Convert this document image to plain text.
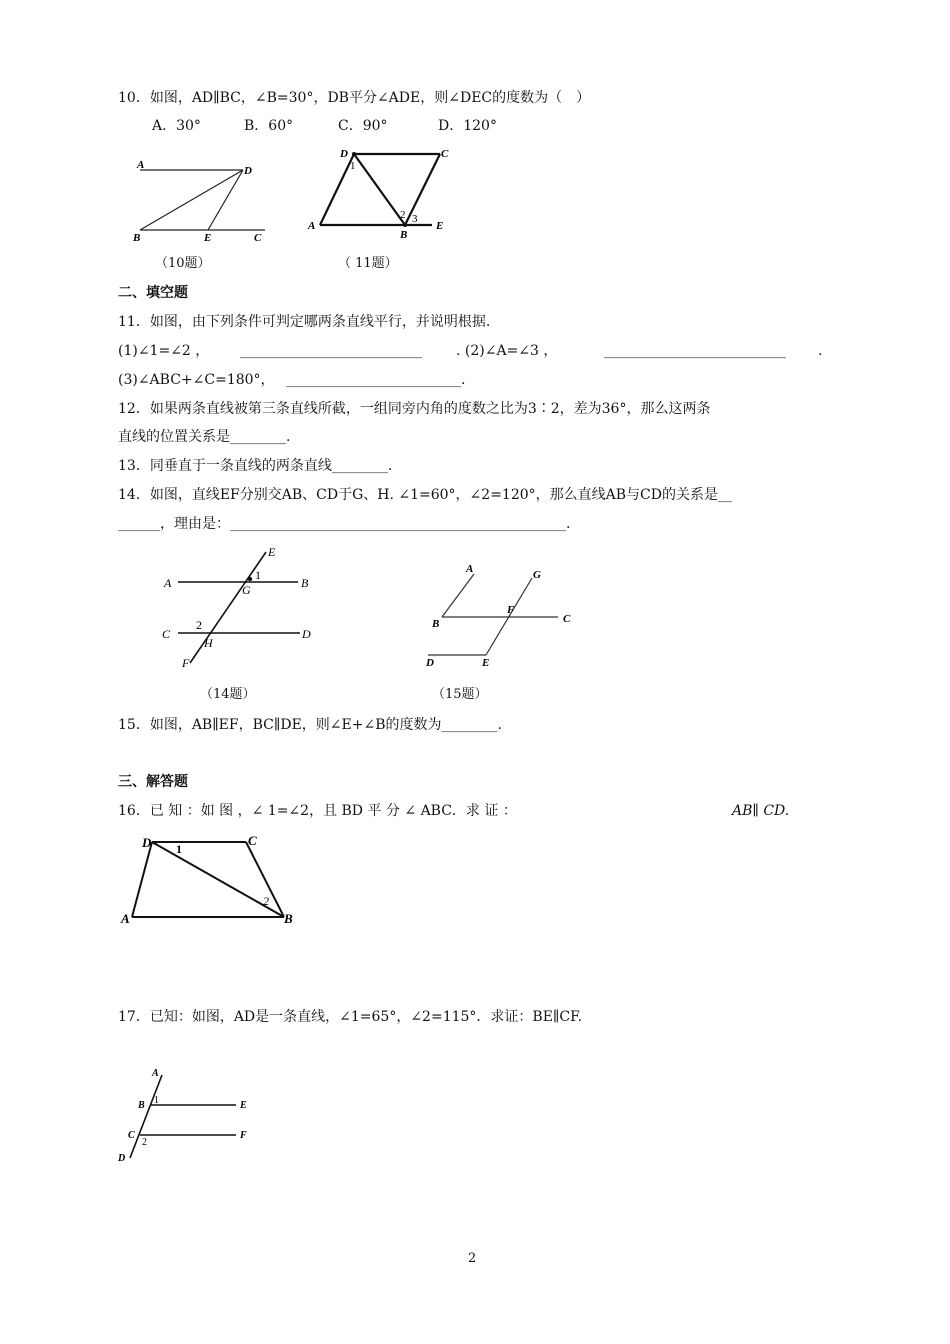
10．如图，AD∥BC，∠B=30°，DB平分∠ADE，则∠DEC的度数为（　）
A．30°	B．60°	C．90°	D．120°
A	D
B	E	C
（10题）
D	C
A
B
E
1
2 3
（ 11题）
二、填空题
11．如图，由下列条件可判定哪两条直线平行，并说明根据.
(1)∠1=∠2 ， __________________________ . (2)∠A=∠3 ，	__________________________ .
(3)∠ABC+∠C=180°， _________________________.
12．如果两条直线被第三条直线所截，一组同旁内角的度数之比为3∶2，差为36°，那么这两条
直线的位置关系是________.
13．同垂直于一条直线的两条直线________.
14．如图，直线EF分别交AB、CD于G、H. ∠1=60°，∠2=120°，那么直线AB与CD的关系是__
______，理由是：________________________________________________.
A	B
C	D
E
F
G
H
1
2
（14题）
A
B	C
D	E
F
G
（15题）
15．如图，AB∥EF，BC∥DE，则∠E+∠B的度数为________.
三、解答题
16．已 知 ：如 图 ，∠ 1=∠2，且 BD 平 分 ∠ ABC．求 证 ：	AB∥ CD.
D	C
A	B
1
2
17．已知：如图，AD是一条直线，∠1=65°，∠2=115°．求证：BE∥CF.
A
B
C
D
E
F
1
2
2
